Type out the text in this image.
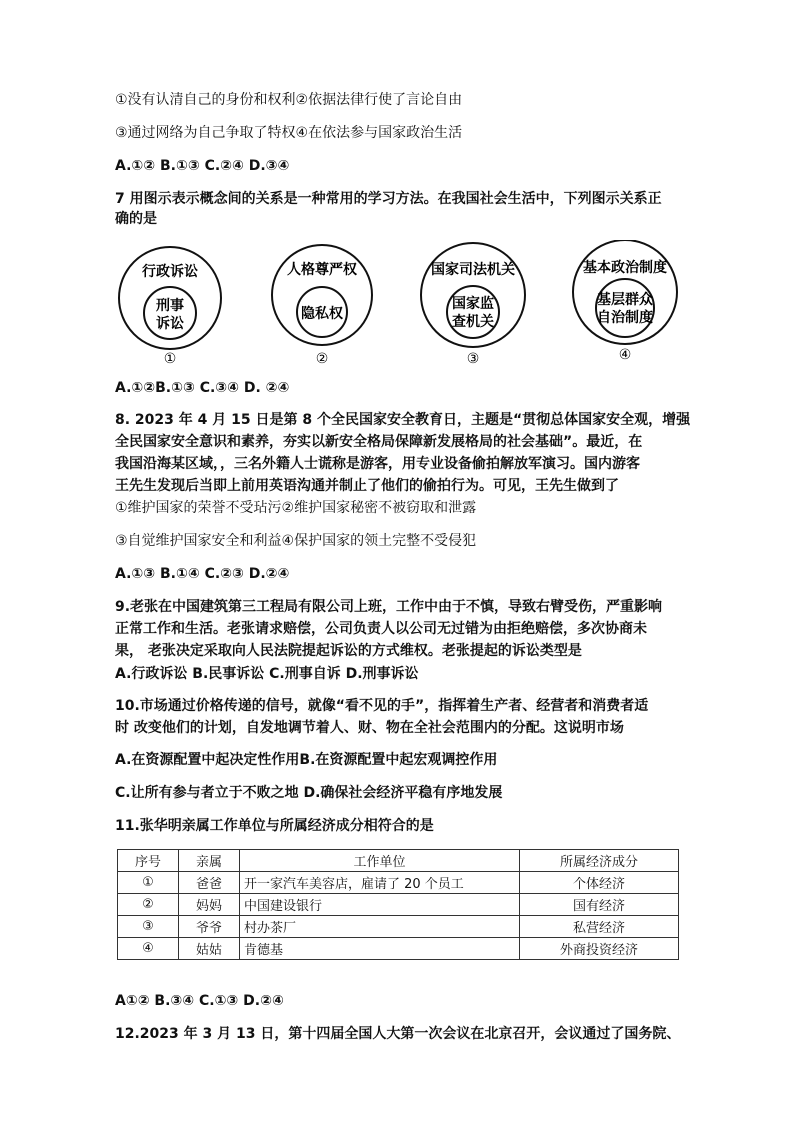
①没有认清自己的身份和权利②依据法律行使了言论自由
③通过网络为自己争取了特权④在依法参与国家政治生活
A.①② B.①③ C.②④ D.③④
7 用图示表示概念间的关系是一种常用的学习方法。在我国社会生活中，下列图示关系正
确的是
行政诉讼
刑事
诉讼
①
人格尊严权
隐私权
②
国家司法机关
国家监
查机关
③
基本政治制度
基层群众
自治制度
④
A.①②B.①③ C.③④ D. ②④
8. 2023 年 4 月 15 日是第 8 个全民国家安全教育日，主题是“贯彻总体国家安全观，增强
全民国家安全意识和素养，夯实以新安全格局保障新发展格局的社会基础”。最近，在
我国沿海某区域，，三名外籍人士谎称是游客，用专业设备偷拍解放军演习。国内游客
王先生发现后当即上前用英语沟通并制止了他们的偷拍行为。可见，王先生做到了
①维护国家的荣誉不受玷污②维护国家秘密不被窃取和泄露
③自觉维护国家安全和利益④保护国家的领土完整不受侵犯
A.①③ B.①④ C.②③ D.②④
9.老张在中国建筑第三工程局有限公司上班，工作中由于不慎，导致右臂受伤，严重影响
正常工作和生活。老张请求赔偿，公司负责人以公司无过错为由拒绝赔偿，多次协商未
果， 老张决定采取向人民法院提起诉讼的方式维权。老张提起的诉讼类型是
A.行政诉讼 B.民事诉讼 C.刑事自诉 D.刑事诉讼
10.市场通过价格传递的信号，就像“看不见的手”，指挥着生产者、经营者和消费者适
时 改变他们的计划，自发地调节着人、财、物在全社会范围内的分配。这说明市场
A.在资源配置中起决定性作用B.在资源配置中起宏观调控作用
C.让所有参与者立于不败之地 D.确保社会经济平稳有序地发展
11.张华明亲属工作单位与所属经济成分相符合的是
序号	亲属	工作单位	所属经济成分
①	爸爸	开一家汽车美容店，雇请了 20 个员工	个体经济
②	妈妈	中国建设银行	国有经济
③	爷爷	村办茶厂	私营经济
④	姑姑	肯德基	外商投资经济
A①② B.③④ C.①③ D.②④
12.2023 年 3 月 13 日，第十四届全国人大第一次会议在北京召开，会议通过了国务院、
